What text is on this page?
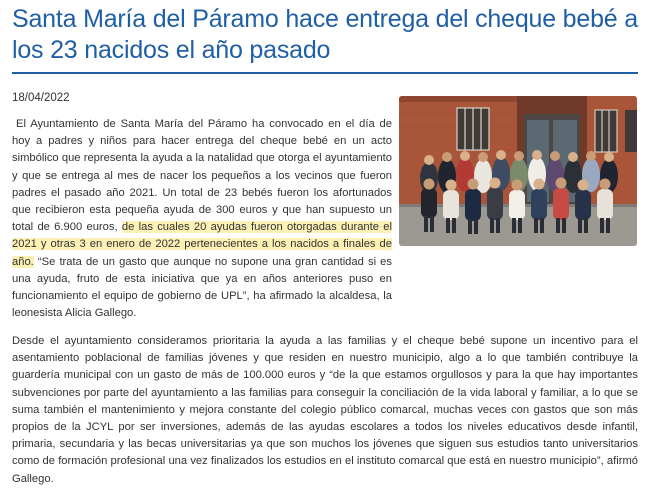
Santa María del Páramo hace entrega del cheque bebé a los 23 nacidos el año pasado
18/04/2022

El Ayuntamiento de Santa María del Páramo ha convocado en el día de hoy a padres y niños para hacer entrega del cheque bebé en un acto simbólico que representa la ayuda a la natalidad que otorga el ayuntamiento y que se entrega al mes de nacer los pequeños a los vecinos que fueron padres el pasado año 2021. Un total de 23 bebés fueron los afortunados que recibieron esta pequeña ayuda de 300 euros y que han supuesto un total de 6.900 euros, de las cuales 20 ayudas fueron otorgadas durante el 2021 y otras 3 en enero de 2022 pertenecientes a los nacidos a finales de año. “Se trata de un gasto que aunque no supone una gran cantidad si es una ayuda, fruto de esta iniciativa que ya en años anteriores puso en funcionamiento el equipo de gobierno de UPL”, ha afirmado la alcaldesa, la leonesista Alicia Gallego.

Desde el ayuntamiento consideramos prioritaria la ayuda a las familias y el cheque bebé supone un incentivo para el asentamiento poblacional de familias jóvenes y que residen en nuestro municipio, algo a lo que también contribuye la guardería municipal con un gasto de más de 100.000 euros y “de la que estamos orgullosos y para la que hay importantes subvenciones por parte del ayuntamiento a las familias para conseguir la conciliación de la vida laboral y familiar, a lo que se suma también el mantenimiento y mejora constante del colegio público comarcal, muchas veces con gastos que son más propios de la JCYL por ser inversiones, además de las ayudas escolares a todos los niveles educativos desde infantil, primaria, secundaria y las becas universitarias ya que son muchos los jóvenes que siguen sus estudios tanto universitarios como de formación profesional una vez finalizados los estudios en el instituto comarcal que está en nuestro municipio”, afirmó Gallego.
